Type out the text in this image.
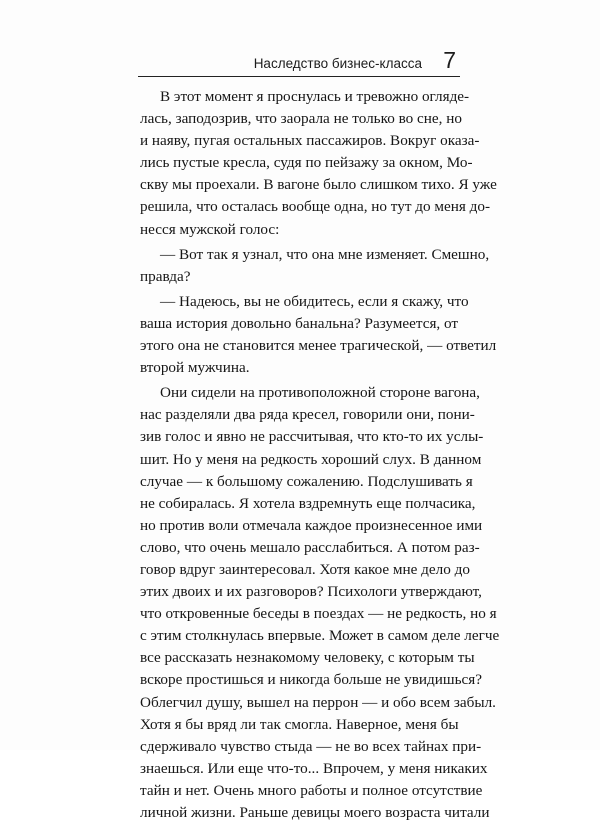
Наследство бизнес-класса 7
В этот момент я проснулась и тревожно огляде-
лась, заподозрив, что заорала не только во сне, но
и наяву, пугая остальных пассажиров. Вокруг оказа-
лись пустые кресла, судя по пейзажу за окном, Мо-
скву мы проехали. В вагоне было слишком тихо. Я уже
решила, что осталась вообще одна, но тут до меня до-
несся мужской голос:
— Вот так я узнал, что она мне изменяет. Смешно,
правда?
— Надеюсь, вы не обидитесь, если я скажу, что
ваша история довольно банальна? Разумеется, от
этого она не становится менее трагической, — ответил
второй мужчина.
Они сидели на противоположной стороне вагона,
нас разделяли два ряда кресел, говорили они, пони-
зив голос и явно не рассчитывая, что кто-то их услы-
шит. Но у меня на редкость хороший слух. В данном
случае — к большому сожалению. Подслушивать я
не собиралась. Я хотела вздремнуть еще полчасика,
но против воли отмечала каждое произнесенное ими
слово, что очень мешало расслабиться. А потом раз-
говор вдруг заинтересовал. Хотя какое мне дело до
этих двоих и их разговоров? Психологи утверждают,
что откровенные беседы в поездах — не редкость, но я
с этим столкнулась впервые. Может в самом деле легче
все рассказать незнакомому человеку, с которым ты
вскоре простишься и никогда больше не увидишься?
Облегчил душу, вышел на перрон — и обо всем забыл.
Хотя я бы вряд ли так смогла. Наверное, меня бы
сдерживало чувство стыда — не во всех тайнах при-
знаешься. Или еще что-то... Впрочем, у меня никаких
тайн и нет. Очень много работы и полное отсутствие
личной жизни. Раньше девицы моего возраста читали
